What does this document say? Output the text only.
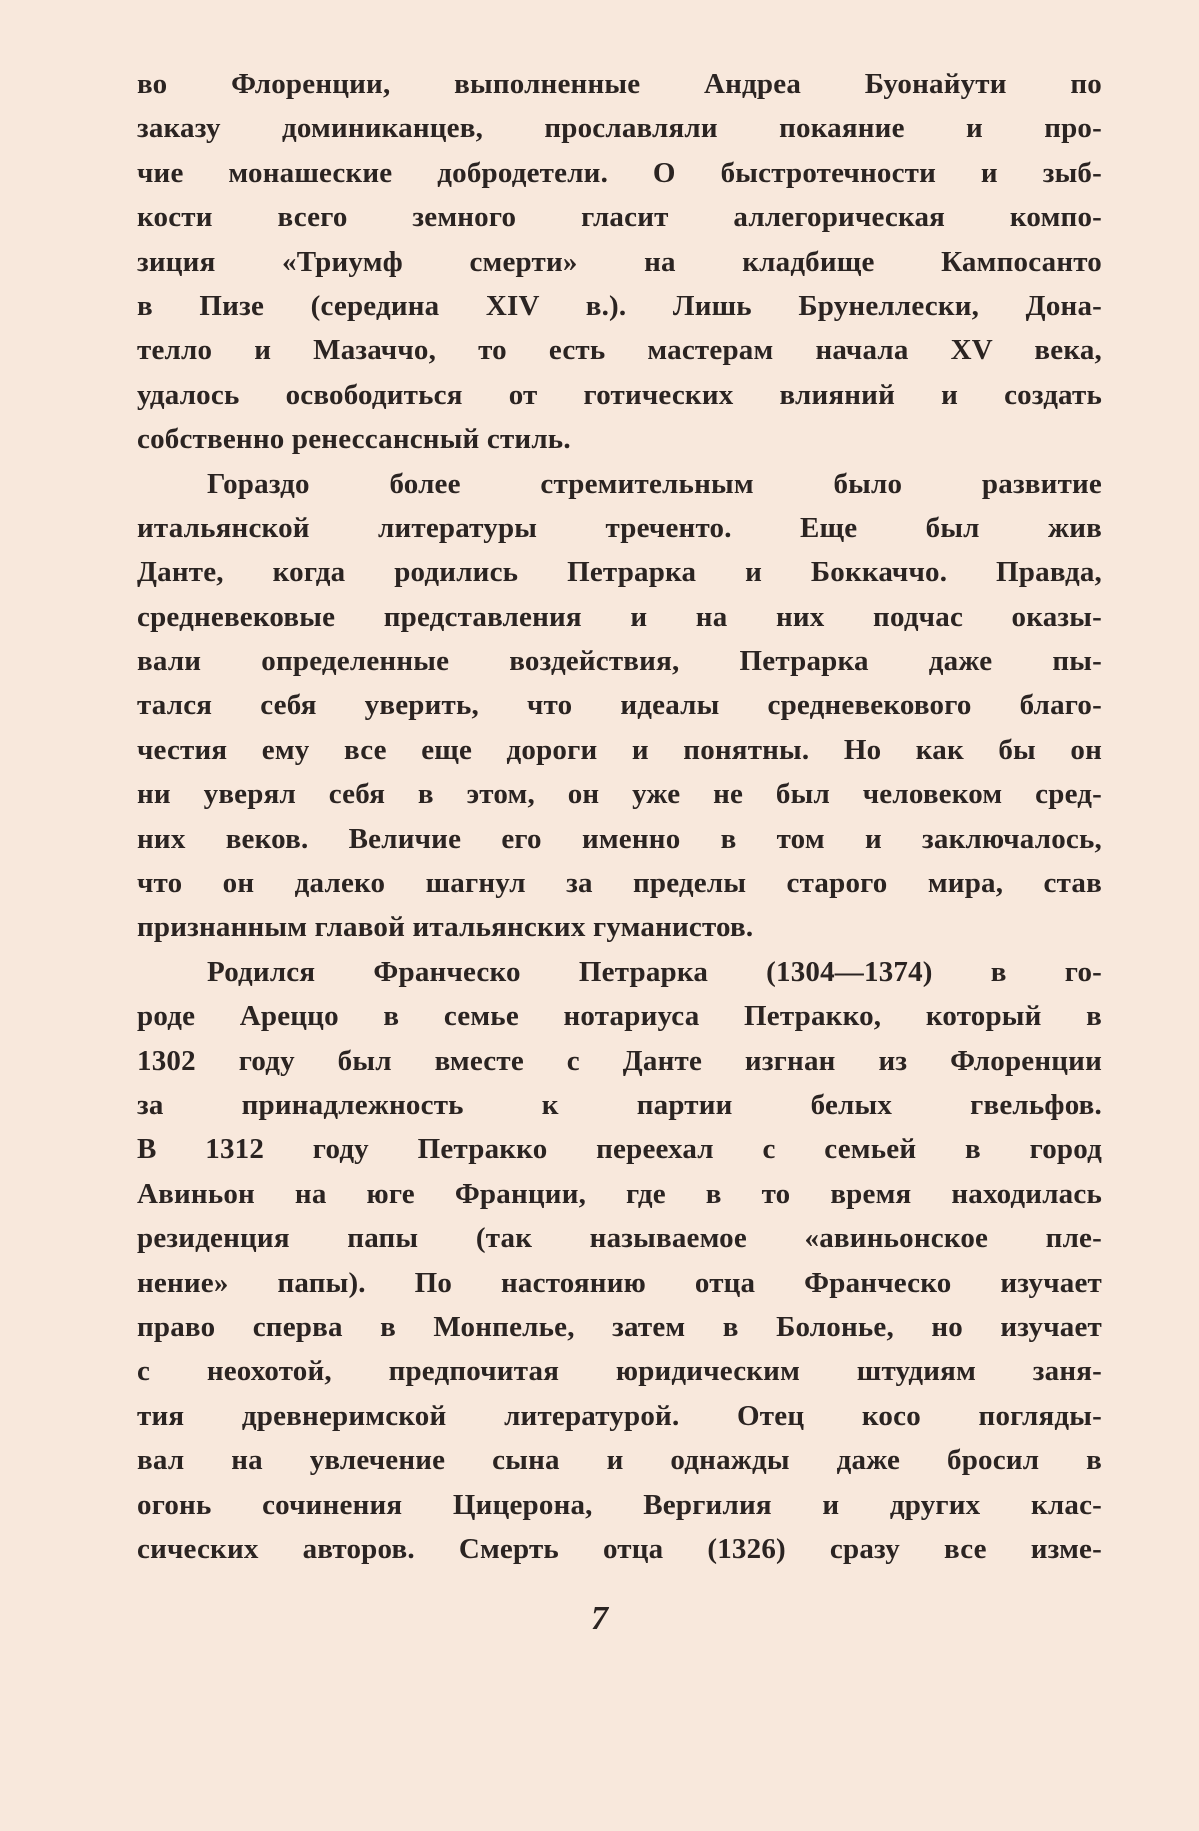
во Флоренции, выполненные Андреа Буонайути по
заказу доминиканцев, прославляли покаяние и про-
чие монашеские добродетели. О быстротечности и зыб-
кости всего земного гласит аллегорическая компо-
зиция «Триумф смерти» на кладбище Кампосанто
в Пизе (середина XIV в.). Лишь Брунеллески, Дона-
телло и Мазаччо, то есть мастерам начала XV века,
удалось освободиться от готических влияний и создать
собственно ренессансный стиль.
Гораздо более стремительным было развитие
итальянской литературы треченто. Еще был жив
Данте, когда родились Петрарка и Боккаччо. Правда,
средневековые представления и на них подчас оказы-
вали определенные воздействия, Петрарка даже пы-
тался себя уверить, что идеалы средневекового благо-
честия ему все еще дороги и понятны. Но как бы он
ни уверял себя в этом, он уже не был человеком сред-
них веков. Величие его именно в том и заключалось,
что он далеко шагнул за пределы старого мира, став
признанным главой итальянских гуманистов.
Родился Франческо Петрарка (1304—1374) в го-
роде Ареццо в семье нотариуса Петракко, который в
1302 году был вместе с Данте изгнан из Флоренции
за принадлежность к партии белых гвельфов.
В 1312 году Петракко переехал с семьей в город
Авиньон на юге Франции, где в то время находилась
резиденция папы (так называемое «авиньонское пле-
нение» папы). По настоянию отца Франческо изучает
право сперва в Монпелье, затем в Болонье, но изучает
с неохотой, предпочитая юридическим штудиям заня-
тия древнеримской литературой. Отец косо погляды-
вал на увлечение сына и однажды даже бросил в
огонь сочинения Цицерона, Вергилия и других клас-
сических авторов. Смерть отца (1326) сразу все изме-
7
